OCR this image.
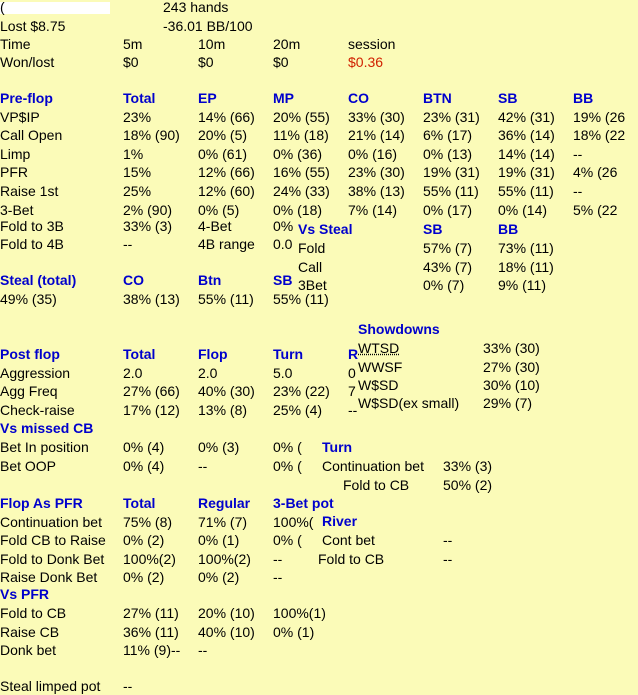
(	243 hands
Lost $8.75	-36.01 BB/100
Time	5m	10m	20m	session
Won/lost	$0	$0	$0	$0.36
Pre-flop	Total	EP	MP	CO	BTN	SB	BB
VP$IP	23%	14% (66) 20% (55) 33% (30) 23% (31) 42% (31) 19% (26
Call Open	18% (90) 20% (5) 11% (18) 21% (14) 6% (17) 36% (14) 18% (22
Limp	1%	0% (61) 0% (36) 0% (16) 0% (13) 14% (14) --
PFR	15%	12% (66) 16% (55) 23% (30) 19% (31) 19% (31) 4% (26
Raise 1st	25%	12% (60) 24% (33) 38% (13) 55% (11) 55% (11) --
3-Bet	2% (90) 0% (5) 0% (18) 7% (14) 0% (17) 0% (14) 5% (22
Fold to 3B	33% (3) 4-Bet	0%
Fold to 4B	--	4B range 0.0
Vs Steal	SB	BB
Fold	57% (7) 73% (11)
Call	43% (7) 18% (11)
3Bet	0% (7) 9% (11)
Steal (total)	CO	Btn	SB
49% (35)	38% (13) 55% (11) 55% (11)
Showdowns
WTSD	33% (30)
WWSF	27% (30)
W$SD	30% (10)
W$SD(ex small) 29% (7)
Post flop	Total	Flop	Turn	R
Aggression	2.0	2.0	5.0	0
Agg Freq	27% (66) 40% (30) 23% (22) 7
Check-raise	17% (12) 13% (8) 25% (4) --
Vs missed CB
Bet In position 0% (4) 0% (3) 0% (
Bet OOP	0% (4) --	0% (
Turn
Continuation bet 33% (3)
Fold to CB 50% (2)
Flop As PFR	Total	Regular 3-Bet pot
Continuation bet 75% (8) 71% (7) 100%(
Fold CB to Raise 0% (2) 0% (1) 0% (
Fold to Donk Bet 100%(2) 100%(2) --
Raise Donk Bet 0% (2) 0% (2) --
River
Cont bet	--
Fold to CB	--
Vs PFR
Fold to CB	27% (11) 20% (10) 100%(1)
Raise CB	36% (11) 40% (10) 0% (1)
Donk bet	11% (9)-- --
Steal limped pot --
